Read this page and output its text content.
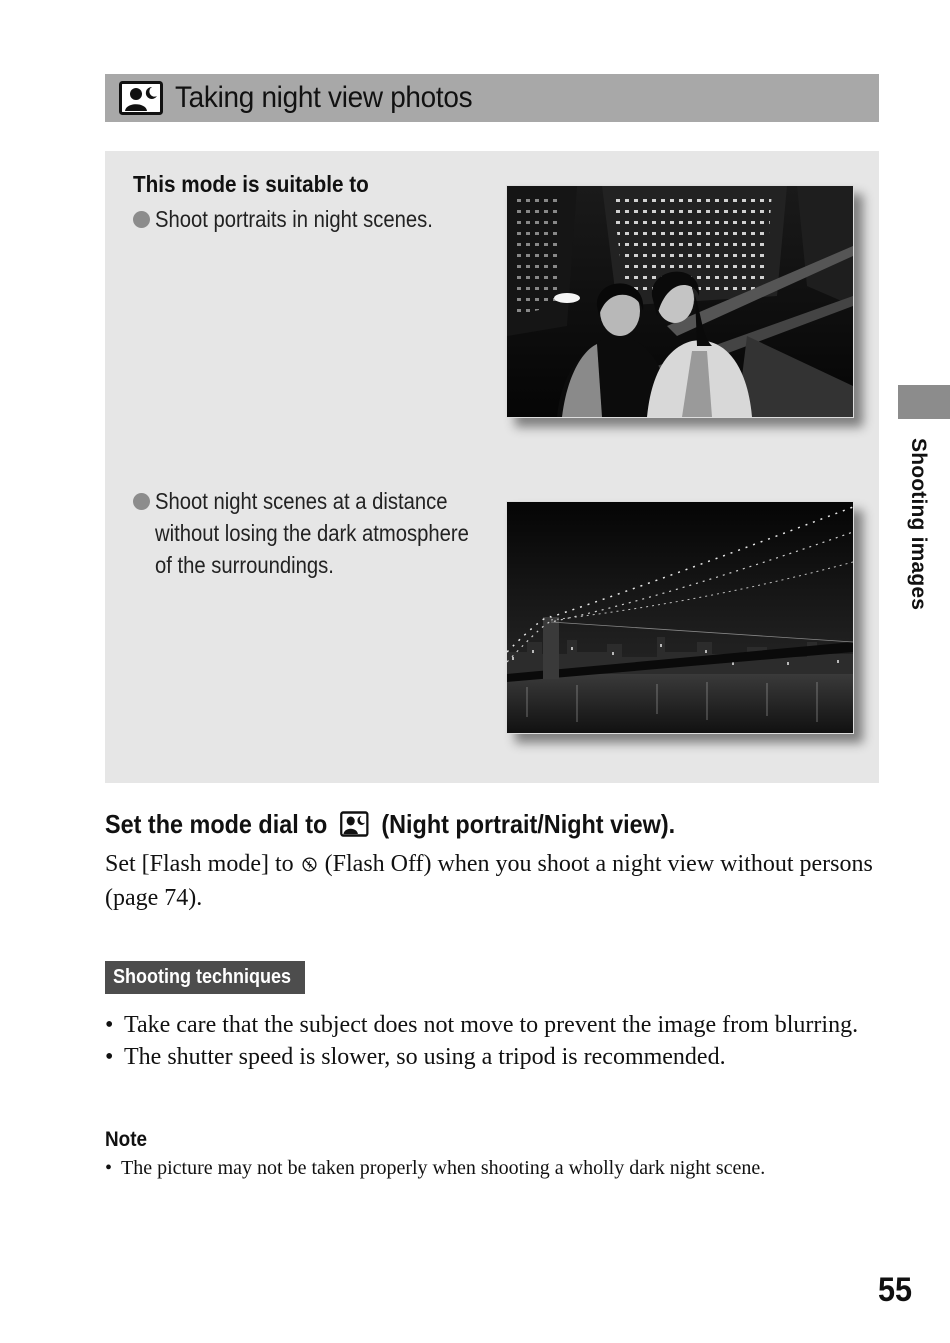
Taking night view photos
This mode is suitable to
Shoot portraits in night scenes.
Shoot night scenes at a distance
without losing the dark atmosphere
of the surroundings.	Shooting images
Set the mode dial to (Night portrait/Night view).
Set [Flash mode] to (Flash Off) when you shoot a night view without persons (page 74).
Shooting techniques
• Take care that the subject does not move to prevent the image from blurring.
• The shutter speed is slower, so using a tripod is recommended.
Note
• The picture may not be taken properly when shooting a wholly dark night scene.
55
